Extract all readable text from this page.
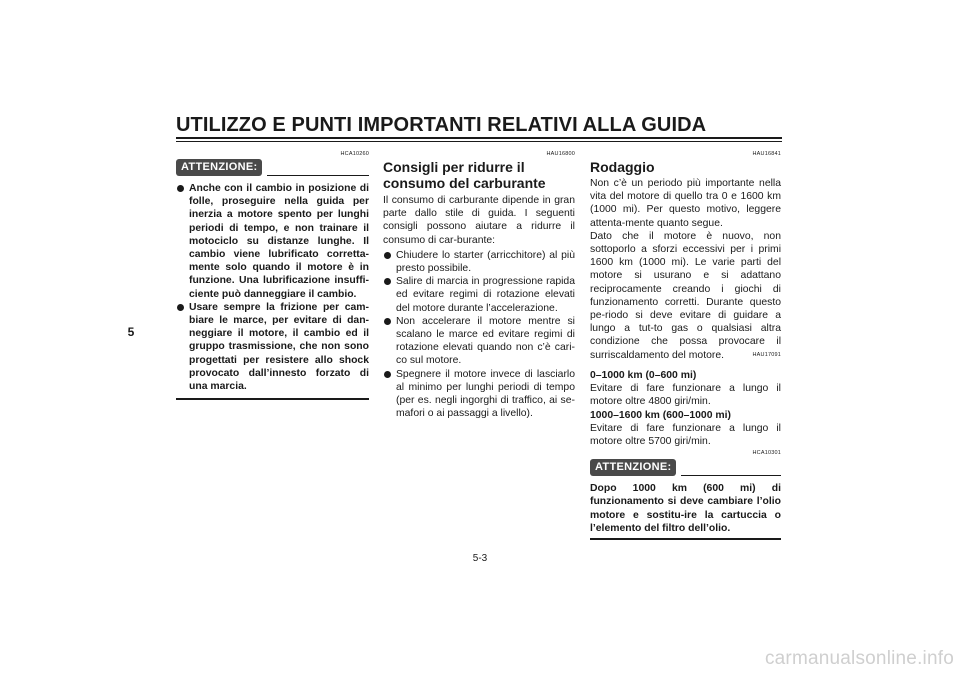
UTILIZZO E PUNTI IMPORTANTI RELATIVI ALLA GUIDA
5
HCA10260
ATTENZIONE:
Anche con il cambio in posizione di folle, proseguire nella guida per inerzia a motore spento per lunghi periodi di tempo, e non trainare il motociclo su distanze lunghe. Il cambio viene lubrificato corretta-mente solo quando il motore è in funzione. Una lubrificazione insuffi-ciente può danneggiare il cambio.
Usare sempre la frizione per cam-biare le marce, per evitare di dan-neggiare il motore, il cambio ed il gruppo trasmissione, che non sono progettati per resistere allo shock provocato dall’innesto forzato di una marcia.
HAU16800
Consigli per ridurre il consumo del carburante
Il consumo di carburante dipende in gran parte dallo stile di guida. I seguenti consigli possono aiutare a ridurre il consumo di car-burante:
Chiudere lo starter (arricchitore) al più presto possibile.
Salire di marcia in progressione rapida ed evitare regimi di rotazione elevati del motore durante l’accelerazione.
Non accelerare il motore mentre si scalano le marce ed evitare regimi di rotazione elevati quando non c’è cari-co sul motore.
Spegnere il motore invece di lasciarlo al minimo per lunghi periodi di tempo (per es. negli ingorghi di traffico, ai se-mafori o ai passaggi a livello).
HAU16841
Rodaggio
Non c’è un periodo più importante nella vita del motore di quello tra 0 e 1600 km (1000 mi). Per questo motivo, leggere attenta-mente quanto segue.
Dato che il motore è nuovo, non sottoporlo a sforzi eccessivi per i primi 1600 km (1000 mi). Le varie parti del motore si usurano e si adattano reciprocamente creando i giochi di funzionamento corretti. Durante questo pe-riodo si deve evitare di guidare a lungo a tut-to gas o qualsiasi altra condizione che possa provocare il surriscaldamento del motore.	HAU17091
0–1000 km (0–600 mi)
Evitare di fare funzionare a lungo il motore oltre 4800 giri/min.
1000–1600 km (600–1000 mi)
Evitare di fare funzionare a lungo il motore oltre 5700 giri/min.
HCA10301
ATTENZIONE:
Dopo 1000 km (600 mi) di funzionamento si deve cambiare l’olio motore e sostitu-ire la cartuccia o l’elemento del filtro dell’olio.
5-3
carmanualsonline.info
